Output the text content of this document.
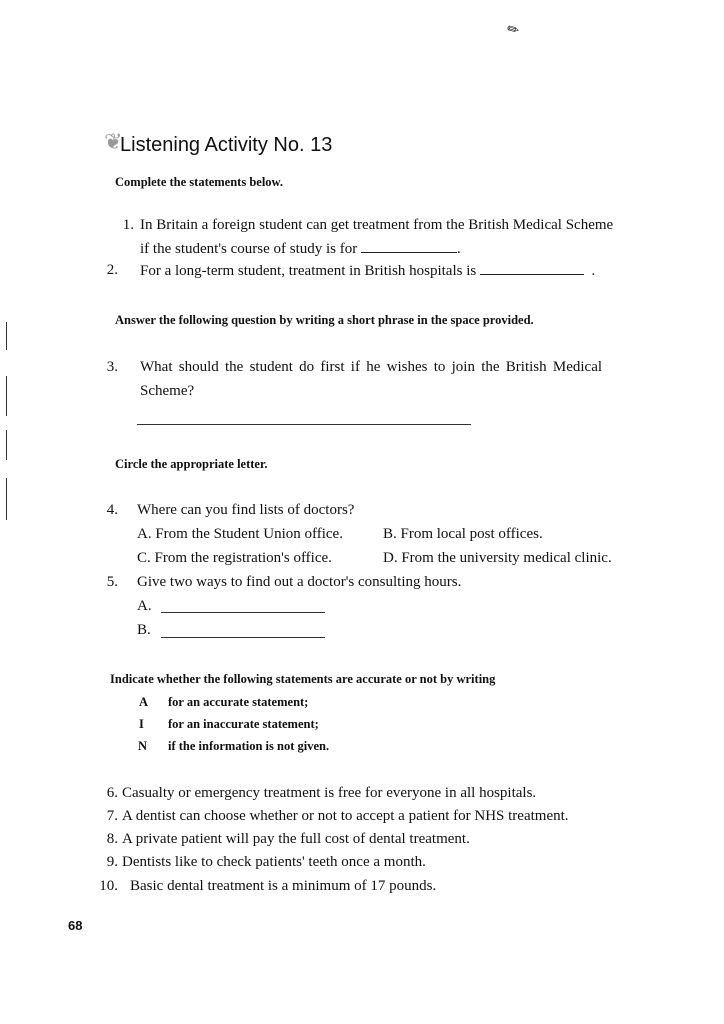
✎
❦
Listening Activity No. 13
Complete the statements below.
1. In Britain a foreign student can get treatment from the British Medical Scheme
if the student's course of study is for	.
2. For a long-term student, treatment in British hospitals is	.
Answer the following question by writing a short phrase in the space provided.
3. What should the student do first if he wishes to join the British Medical
Scheme?
Circle the appropriate letter.
4. Where can you find lists of doctors?
A. From the Student Union office.	B. From local post offices.
C. From the registration's office.	D. From the university medical clinic.
5. Give two ways to find out a doctor's consulting hours.
A.
B.
Indicate whether the following statements are accurate or not by writing
A for an accurate statement;
I for an inaccurate statement;
N if the information is not given.
6. Casualty or emergency treatment is free for everyone in all hospitals.
7. A dentist can choose whether or not to accept a patient for NHS treatment.
8. A private patient will pay the full cost of dental treatment.
9. Dentists like to check patients' teeth once a month.
10. Basic dental treatment is a minimum of 17 pounds.
68
